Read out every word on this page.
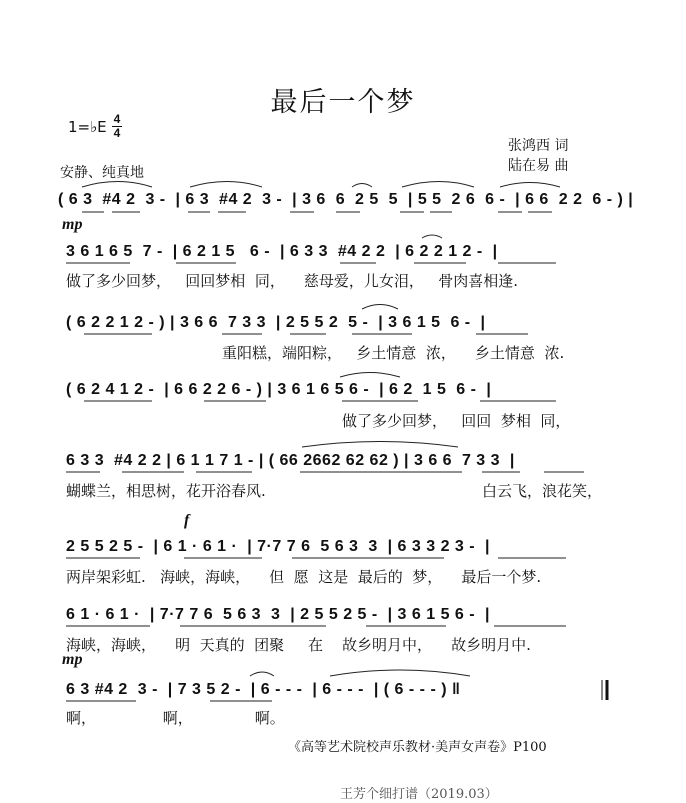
最后一个梦
1=♭E 4
4
张鸿西 词
陆在易 曲
安静、纯真地
mp
f
mp
( 6 3  #4 2  3 -  | 6 3  #4 2  3 -  | 3 6  6  2 5  5  | 5 5  2 6  6 -  | 6 6  2 2  6 - ) |
3 6 1 6 5  7 -  | 6 2 1 5   6 -  | 6 3 3  #4 2 2  | 6 2 2 1 2 -  |
做了多少回梦，   回回梦相  同，    慈母爱，儿女泪，   骨肉喜相逢.
( 6 2 2 1 2 - ) | 3 6 6  7 3 3  | 2 5 5 2  5 -  | 3 6 1 5  6 -  |
重阳糕，端阳粽，   乡土情意  浓，    乡土情意  浓.
( 6 2 4 1 2 -  | 6 6 2 2 6 - ) | 3 6 1 6 5 6 -  | 6 2  1 5  6 -  |
做了多少回梦，   回回  梦相  同，
6 3 3  #4 2 2 | 6 1 1 7 1 - | ( 66 2662 62 62 ) | 3 6 6  7 3 3  |
蝴蝶兰，相思树，花开浴春风.	白云飞，浪花笑，
2 5 5 2 5 -  | 6 1 · 6 1 ·  | 7·7 7 6  5 6 3  3  | 6 3 3 2 3 -  |
两岸架彩虹.   海峡，海峡，    但  愿  这是  最后的  梦，    最后一个梦.
6 1 · 6 1 ·  | 7·7 7 6  5 6 3  3  | 2 5 5 2 5 -  | 3 6 1 5 6 -  |
海峡，海峡，    明  天真的  团聚     在    故乡明月中，    故乡明月中.
6 3 #4 2  3 -  | 7 3 5 2 -  | 6 - - -  | 6 - - -  | ( 6 - - - ) ‖
啊，              啊，             啊。
《高等艺术院校声乐教材·美声女声卷》P100
王芳个细打谱（2019.03）
